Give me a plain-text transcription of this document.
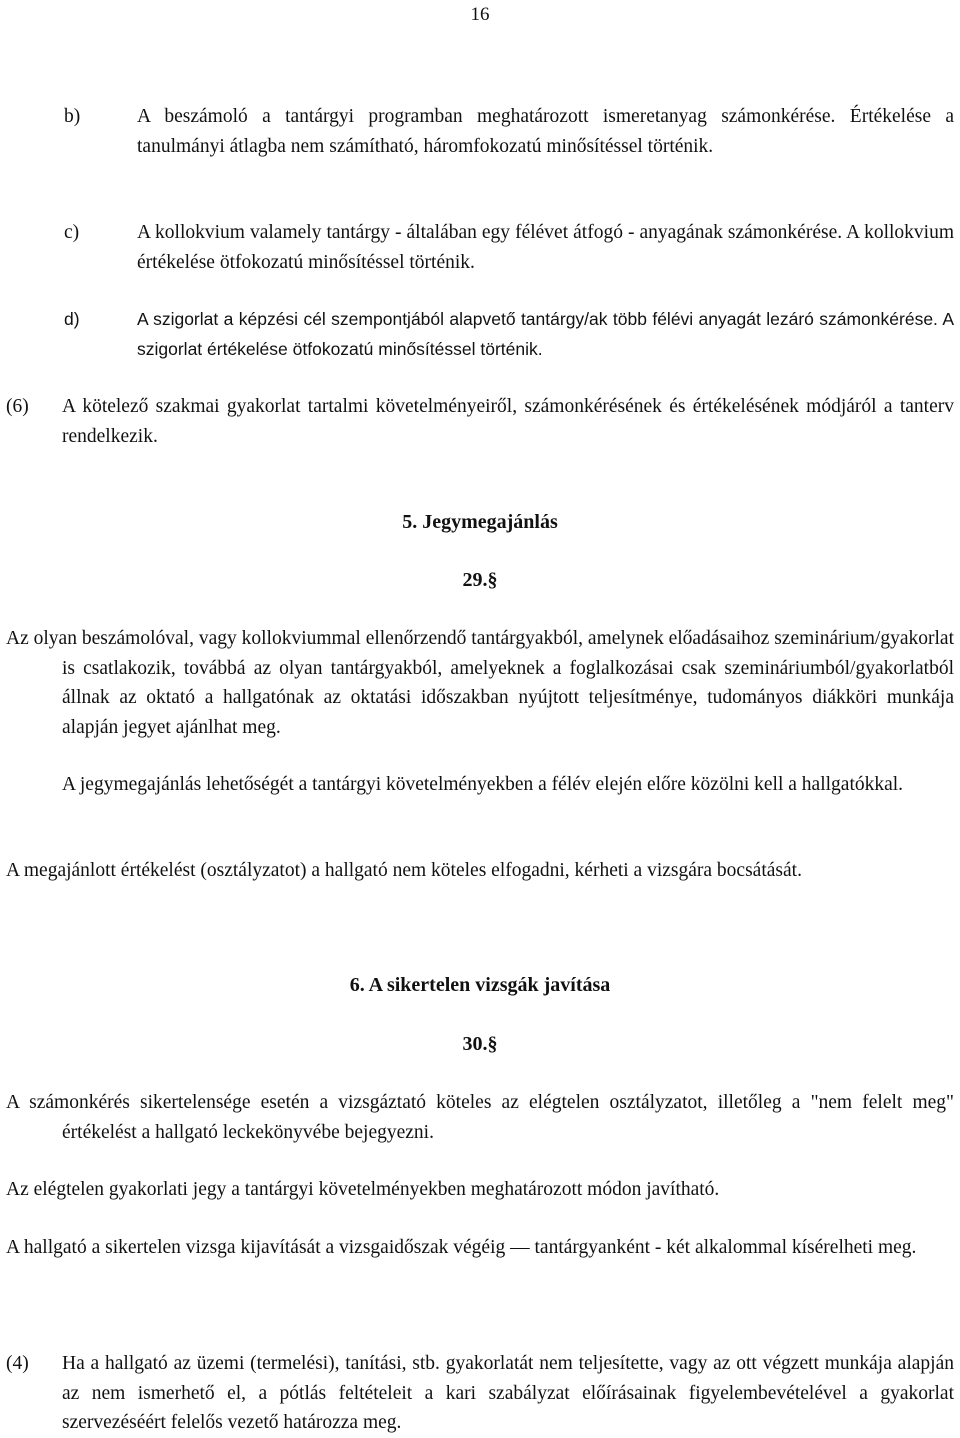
16
b)	A beszámoló a tantárgyi programban meghatározott ismeretanyag számonkérése. Értékelése a tanulmányi átlagba nem számítható, háromfokozatú minősítéssel történik.
c)	A kollokvium valamely tantárgy - általában egy félévet átfogó - anyagának számonkérése. A kollokvium értékelése ötfokozatú minősítéssel történik.
d)	A szigorlat a képzési cél szempontjából alapvető tantárgy/ak több félévi anyagát lezáró számonkérése. A szigorlat értékelése ötfokozatú minősítéssel történik.
(6) A kötelező szakmai gyakorlat tartalmi követelményeiről, számonkérésének és értékelésének módjáról a tanterv rendelkezik.
5. Jegymegajánlás
29.§
Az olyan beszámolóval, vagy kollokviummal ellenőrzendő tantárgyakból, amelynek előadásaihoz szeminárium/gyakorlat is csatlakozik, továbbá az olyan tantárgyakból, amelyeknek a foglalkozásai csak szemináriumból/gyakorlatból állnak az oktató a hallgatónak az oktatási időszakban nyújtott teljesítménye, tudományos diákköri munkája alapján jegyet ajánlhat meg.
A jegymegajánlás lehetőségét a tantárgyi követelményekben a félév elején előre közölni kell a hallgatókkal.
A megajánlott értékelést (osztályzatot) a hallgató nem köteles elfogadni, kérheti a vizsgára bocsátását.
6. A sikertelen vizsgák javítása
30.§
A számonkérés sikertelensége esetén a vizsgáztató köteles az elégtelen osztályzatot, illetőleg a "nem felelt meg" értékelést a hallgató leckekönyvébe bejegyezni.
Az elégtelen gyakorlati jegy a tantárgyi követelményekben meghatározott módon javítható.
A hallgató a sikertelen vizsga kijavítását a vizsgaidőszak végéig — tantárgyanként - két alkalommal kísérelheti meg.
(4) Ha a hallgató az üzemi (termelési), tanítási, stb. gyakorlatát nem teljesítette, vagy az ott végzett munkája alapján az nem ismerhető el, a pótlás feltételeit a kari szabályzat előírásainak figyelembevételével a gyakorlat szervezéséért felelős vezető határozza meg.
